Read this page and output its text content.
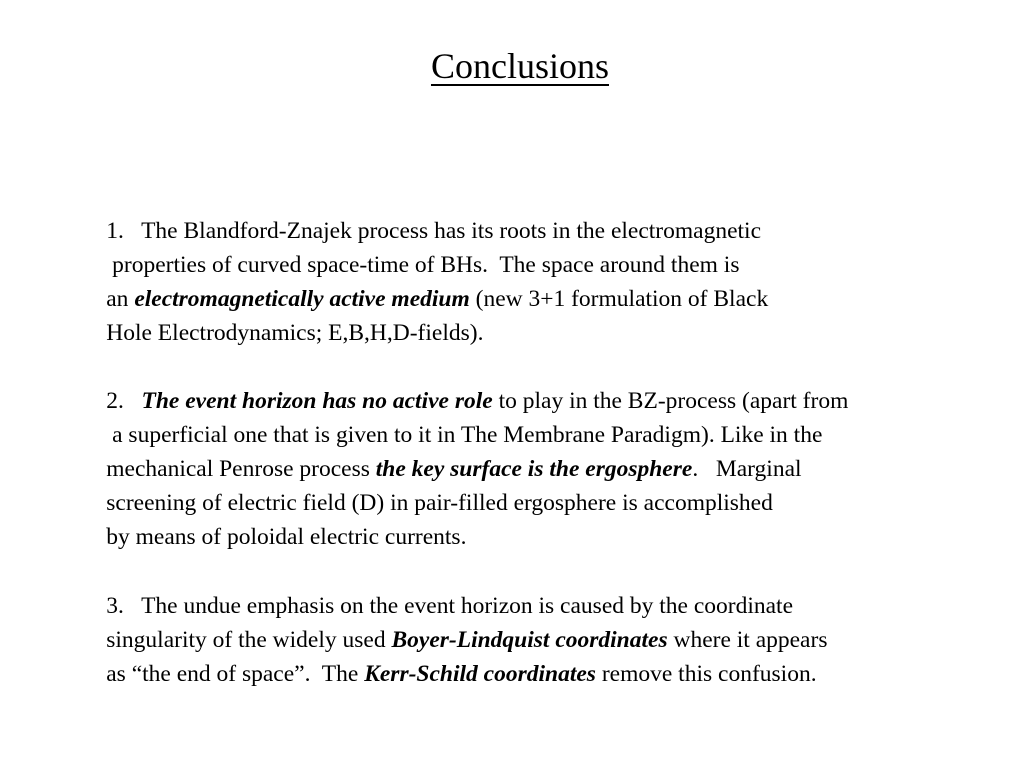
Conclusions

1.   The Blandford-Znajek process has its roots in the electromagnetic

properties of curved space-time of BHs.  The space around them is

an electromagnetically active medium (new 3+1 formulation of Black

Hole Electrodynamics; E,B,H,D-fields).

2.   The event horizon has no active role to play in the BZ-process (apart from

a superficial one that is given to it in The Membrane Paradigm). Like in the

mechanical Penrose process the key surface is the ergosphere.   Marginal

screening of electric field (D) in pair-filled ergosphere is accomplished

by means of poloidal electric currents.

3.   The undue emphasis on the event horizon is caused by the coordinate

singularity of the widely used Boyer-Lindquist coordinates where it appears

as “the end of space”.  The Kerr-Schild coordinates remove this confusion.
